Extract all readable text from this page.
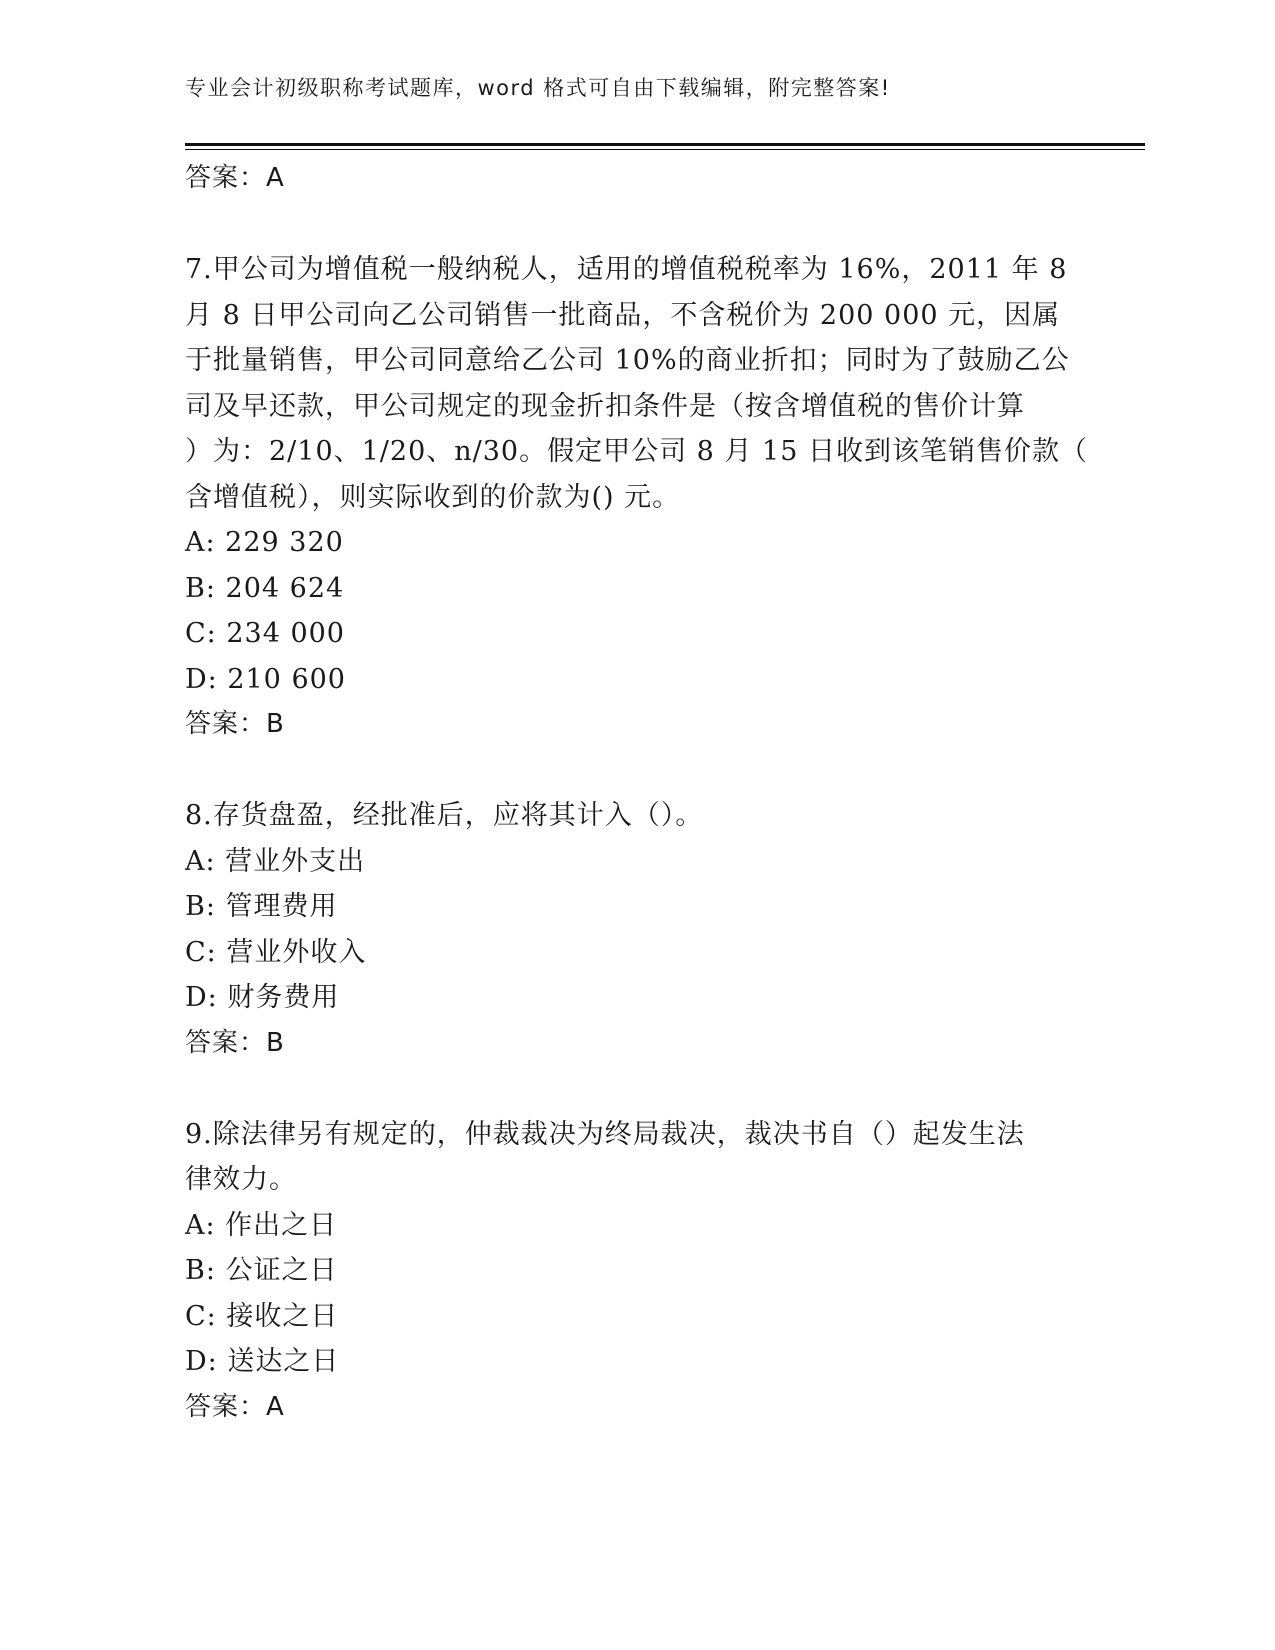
专业会计初级职称考试题库，word 格式可自由下载编辑，附完整答案!
答案：A
7.甲公司为增值税一般纳税人，适用的增值税税率为 16%，2011 年 8
月 8 日甲公司向乙公司销售一批商品，不含税价为 200 000 元，因属
于批量销售，甲公司同意给乙公司 10%的商业折扣；同时为了鼓励乙公
司及早还款，甲公司规定的现金折扣条件是（按含增值税的售价计算
）为：2/10、1/20、n/30。假定甲公司 8 月 15 日收到该笔销售价款（
含增值税），则实际收到的价款为() 元。
A: 229 320
B: 204 624
C: 234 000
D: 210 600
答案：B
8.存货盘盈，经批准后，应将其计入（）。
A: 营业外支出
B: 管理费用
C: 营业外收入
D: 财务费用
答案：B
9.除法律另有规定的，仲裁裁决为终局裁决，裁决书自（）起发生法
律效力。
A: 作出之日
B: 公证之日
C: 接收之日
D: 送达之日
答案：A
